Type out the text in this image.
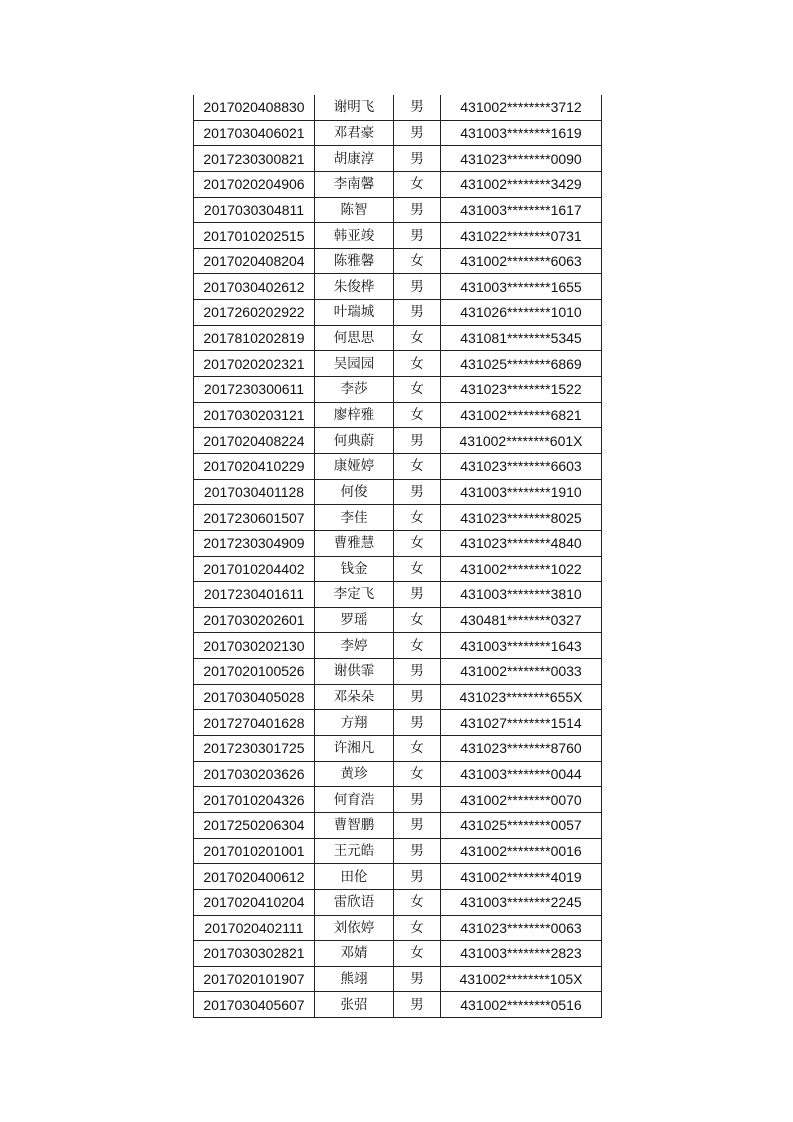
2017020408830	谢明飞	男	431002********3712
2017030406021	邓君豪	男	431003********1619
2017230300821	胡康淳	男	431023********0090
2017020204906	李南馨	女	431002********3429
2017030304811	陈智	男	431003********1617
2017010202515	韩亚竣	男	431022********0731
2017020408204	陈雅馨	女	431002********6063
2017030402612	朱俊桦	男	431003********1655
2017260202922	叶瑞城	男	431026********1010
2017810202819	何思思	女	431081********5345
2017020202321	吴园园	女	431025********6869
2017230300611	李莎	女	431023********1522
2017030203121	廖梓雅	女	431002********6821
2017020408224	何典蔚	男	431002********601X
2017020410229	康娅婷	女	431023********6603
2017030401128	何俊	男	431003********1910
2017230601507	李佳	女	431023********8025
2017230304909	曹雅慧	女	431023********4840
2017010204402	钱金	女	431002********1022
2017230401611	李定飞	男	431003********3810
2017030202601	罗瑶	女	430481********0327
2017030202130	李婷	女	431003********1643
2017020100526	谢供霏	男	431002********0033
2017030405028	邓朵朵	男	431023********655X
2017270401628	方翔	男	431027********1514
2017230301725	许湘凡	女	431023********8760
2017030203626	黄珍	女	431003********0044
2017010204326	何育浩	男	431002********0070
2017250206304	曹智鹏	男	431025********0057
2017010201001	王元皓	男	431002********0016
2017020400612	田伦	男	431002********4019
2017020410204	雷欣语	女	431003********2245
2017020402111	刘依婷	女	431023********0063
2017030302821	邓婧	女	431003********2823
2017020101907	熊翊	男	431002********105X
2017030405607	张弨	男	431002********0516
